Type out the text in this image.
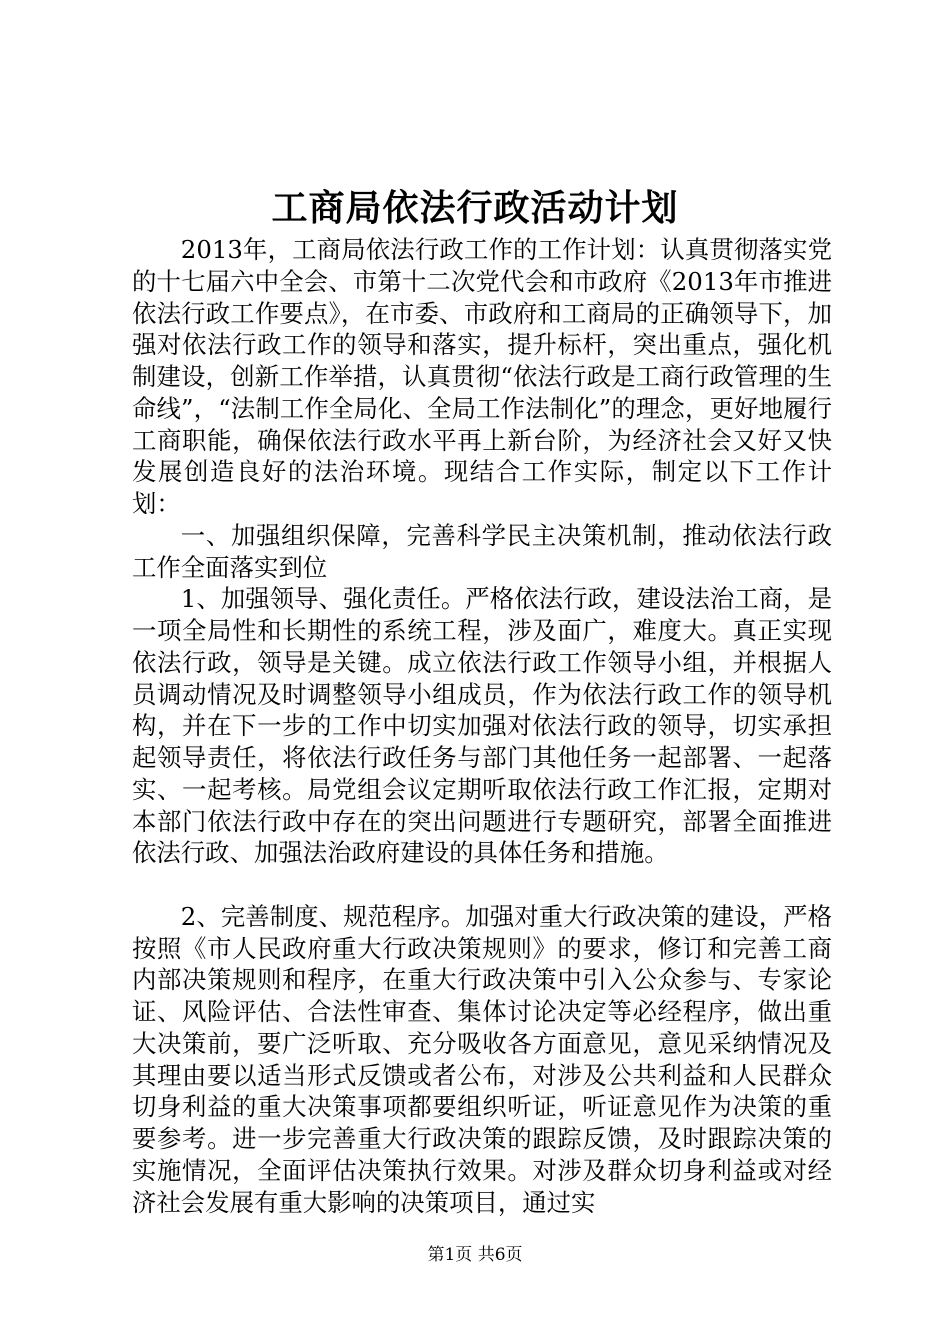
工商局依法行政活动计划

2013年，工商局依法行政工作的工作计划：认真贯彻落实党的十七届六中全会、市第十二次党代会和市政府《2013年市推进依法行政工作要点》，在市委、市政府和工商局的正确领导下，加强对依法行政工作的领导和落实，提升标杆，突出重点，强化机制建设，创新工作举措，认真贯彻“依法行政是工商行政管理的生命线”，“法制工作全局化、全局工作法制化”的理念，更好地履行工商职能，确保依法行政水平再上新台阶，为经济社会又好又快发展创造良好的法治环境。现结合工作实际，制定以下工作计划：

一、加强组织保障，完善科学民主决策机制，推动依法行政工作全面落实到位

1、加强领导、强化责任。严格依法行政，建设法治工商，是一项全局性和长期性的系统工程，涉及面广，难度大。真正实现依法行政，领导是关键。成立依法行政工作领导小组，并根据人员调动情况及时调整领导小组成员，作为依法行政工作的领导机构，并在下一步的工作中切实加强对依法行政的领导，切实承担起领导责任，将依法行政任务与部门其他任务一起部署、一起落实、一起考核。局党组会议定期听取依法行政工作汇报，定期对本部门依法行政中存在的突出问题进行专题研究，部署全面推进依法行政、加强法治政府建设的具体任务和措施。

2、完善制度、规范程序。加强对重大行政决策的建设，严格按照《市人民政府重大行政决策规则》的要求，修订和完善工商内部决策规则和程序，在重大行政决策中引入公众参与、专家论证、风险评估、合法性审查、集体讨论决定等必经程序，做出重大决策前，要广泛听取、充分吸收各方面意见，意见采纳情况及其理由要以适当形式反馈或者公布，对涉及公共利益和人民群众切身利益的重大决策事项都要组织听证，听证意见作为决策的重要参考。进一步完善重大行政决策的跟踪反馈，及时跟踪决策的实施情况，全面评估决策执行效果。对涉及群众切身利益或对经济社会发展有重大影响的决策项目，通过实

第1页 共6页
